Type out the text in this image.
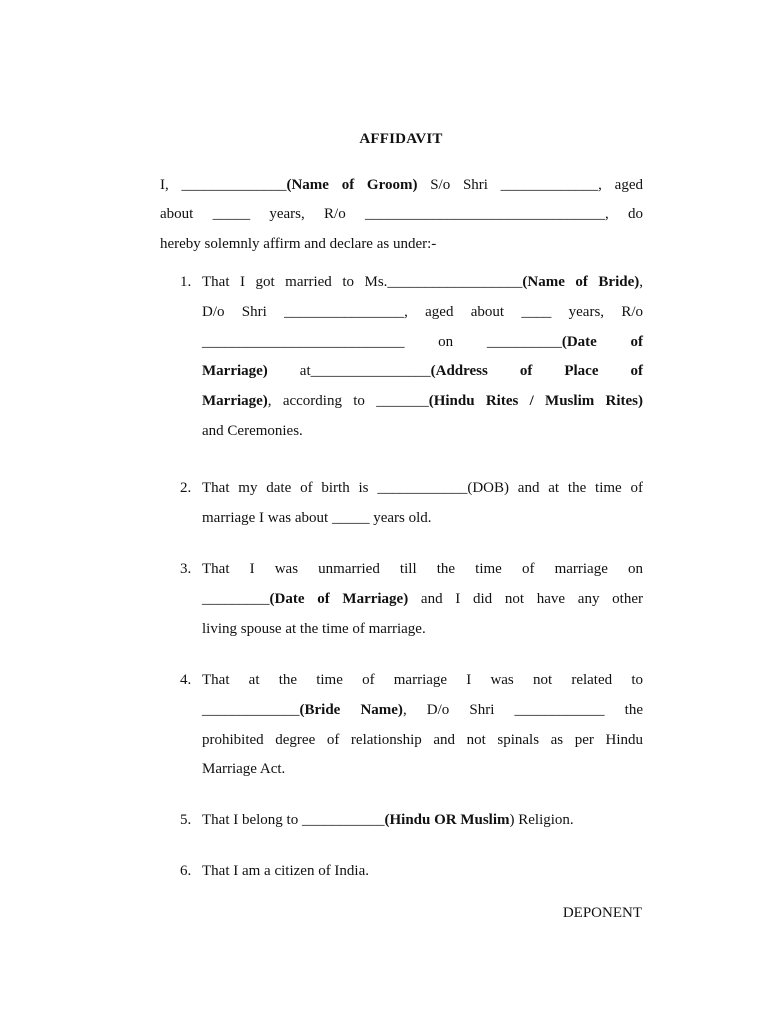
AFFIDAVIT
I, ______________(Name of Groom) S/o Shri _____________, aged
about _____ years, R/o ________________________________, do
hereby solemnly affirm and declare as under:-
1. That I got married to Ms.__________________(Name of Bride),
D/o Shri ________________, aged about ____ years, R/o
___________________________ on __________(Date of
Marriage) at________________(Address of Place of
Marriage), according to _______(Hindu Rites / Muslim Rites)
and Ceremonies.
2. That my date of birth is ____________(DOB) and at the time of
marriage I was about _____ years old.
3. That I was unmarried till the time of marriage on
_________(Date of Marriage) and I did not have any other
living spouse at the time of marriage.
4. That at the time of marriage I was not related to
_____________(Bride Name), D/o Shri ____________ the
prohibited degree of relationship and not spinals as per Hindu
Marriage Act.
5. That I belong to ___________(Hindu OR Muslim) Religion.
6. That I am a citizen of India.
DEPONENT
